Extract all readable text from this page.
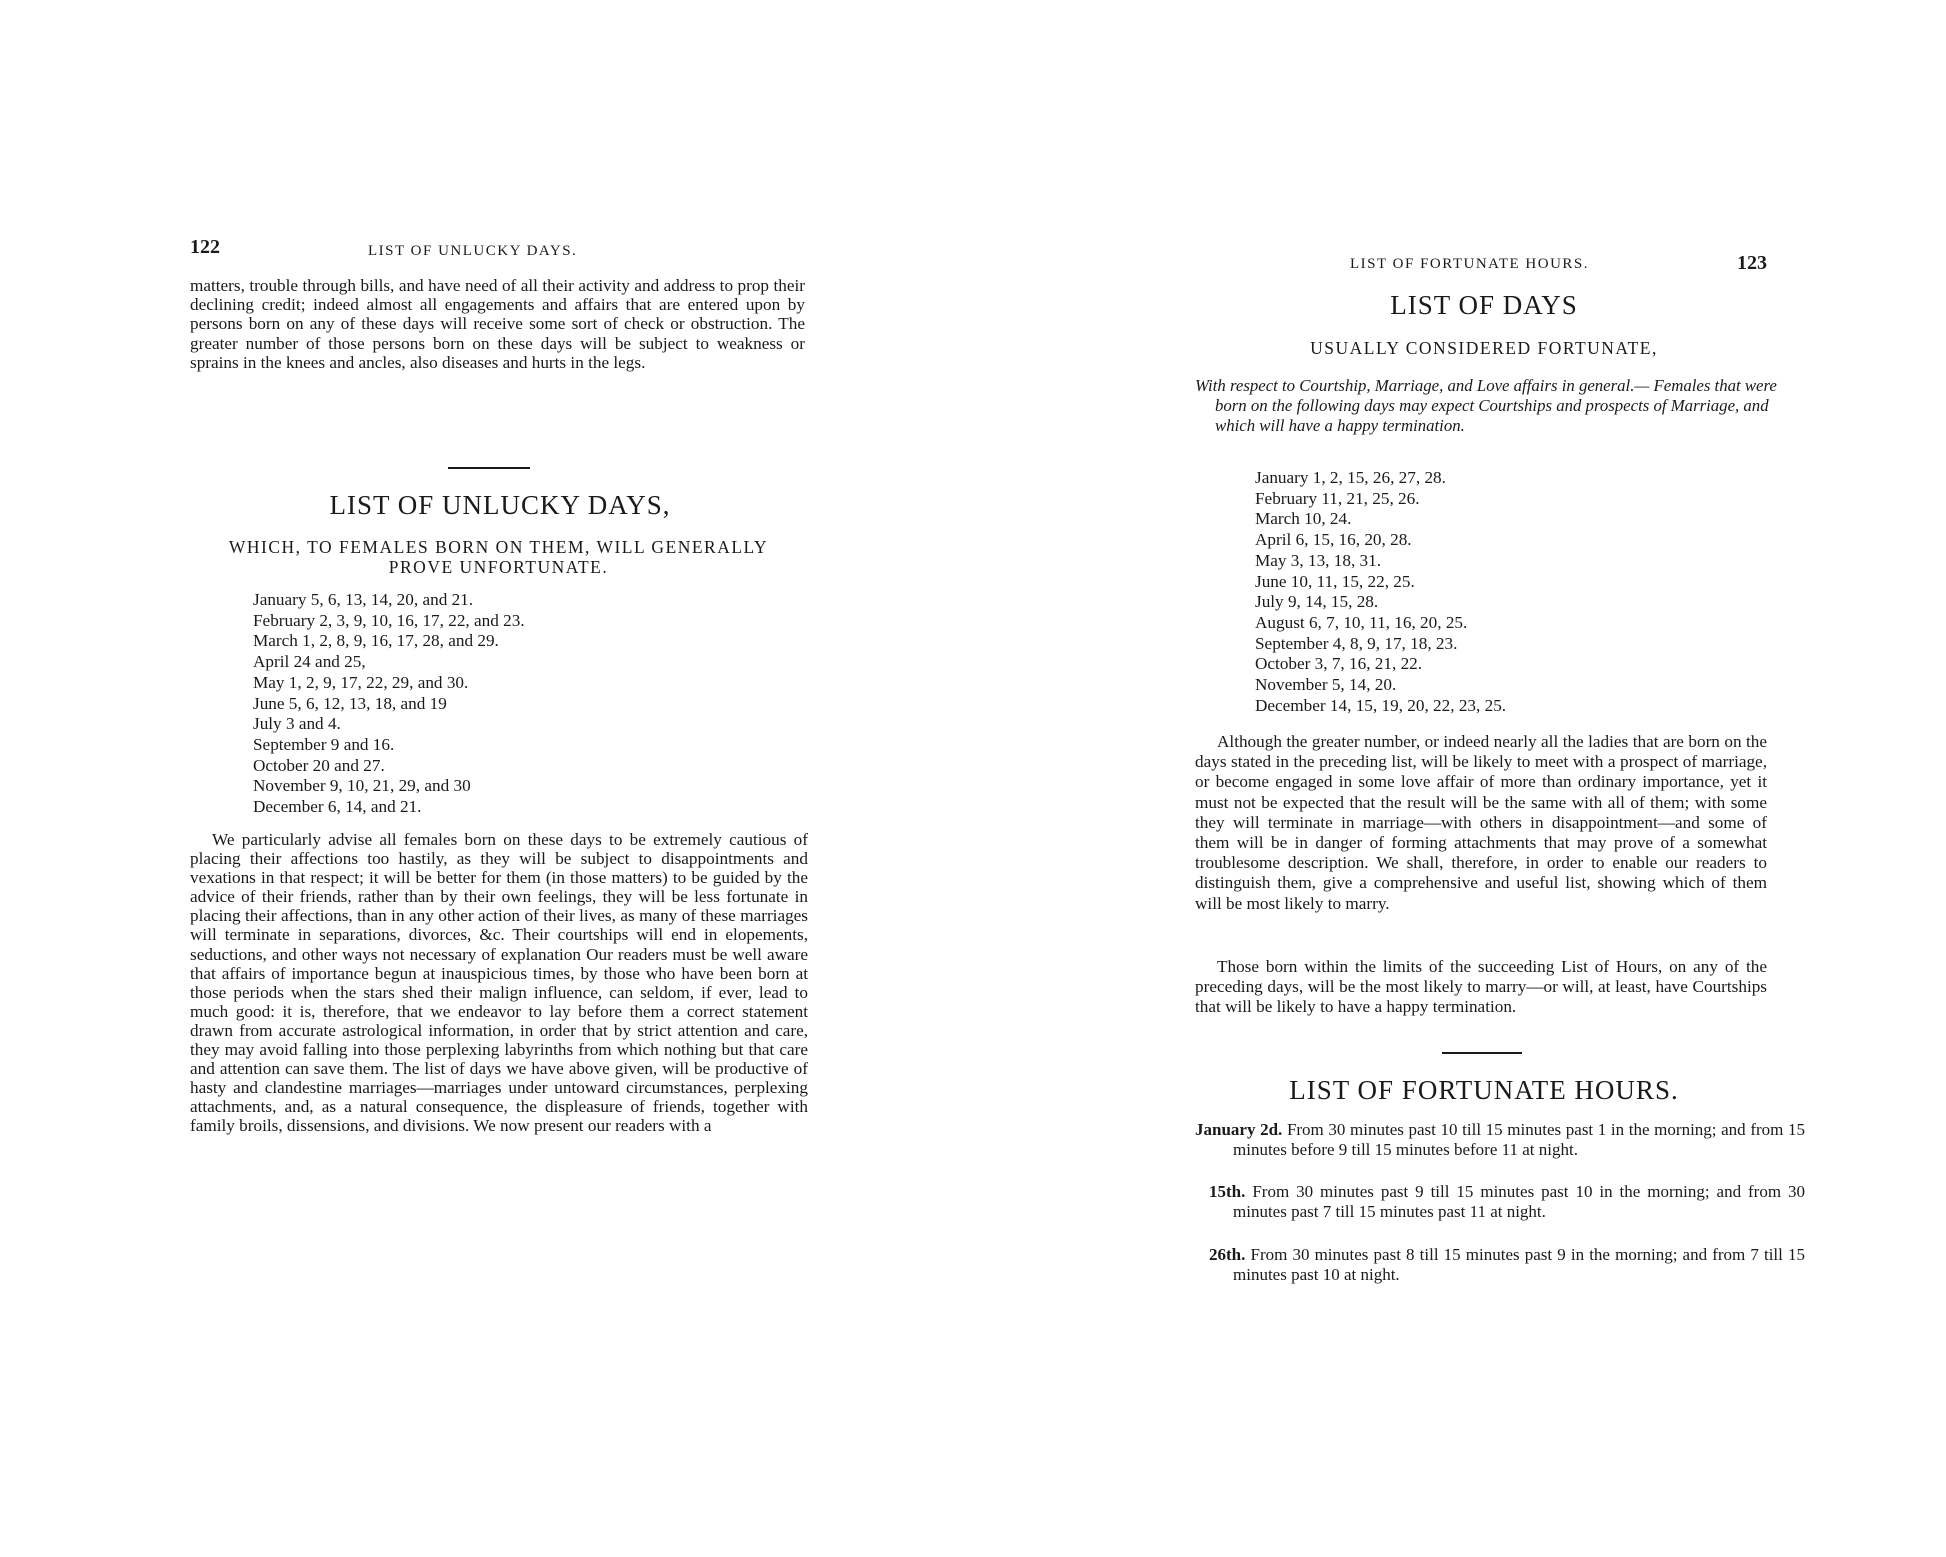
122	LIST OF UNLUCKY DAYS.

matters, trouble through bills, and have need of all their activity and address to prop their declining credit; indeed almost all engagements and affairs that are entered upon by persons born on any of these days will receive some sort of check or obstruction. The greater number of those persons born on these days will be subject to weakness or sprains in the knees and ancles, also diseases and hurts in the legs.

LIST OF UNLUCKY DAYS,
WHICH, TO FEMALES BORN ON THEM, WILL GENERALLY PROVE UNFORTUNATE.
January 5, 6, 13, 14, 20, and 21.
February 2, 3, 9, 10, 16, 17, 22, and 23.
March 1, 2, 8, 9, 16, 17, 28, and 29.
April 24 and 25,
May 1, 2, 9, 17, 22, 29, and 30.
June 5, 6, 12, 13, 18, and 19
July 3 and 4.
September 9 and 16.
October 20 and 27.
November 9, 10, 21, 29, and 30
December 6, 14, and 21.

We particularly advise all females born on these days to be extremely cautious of placing their affections too hastily, as they will be subject to disappointments and vexations in that respect; it will be better for them (in those matters) to be guided by the advice of their friends, rather than by their own feelings, they will be less fortunate in placing their affections, than in any other action of their lives, as many of these marriages will terminate in separations, divorces, &c. Their courtships will end in elopements, seductions, and other ways not necessary of explanation Our readers must be well aware that affairs of importance begun at inauspicious times, by those who have been born at those periods when the stars shed their malign influence, can seldom, if ever, lead to much good: it is, therefore, that we endeavor to lay before them a correct statement drawn from accurate astrological information, in order that by strict attention and care, they may avoid falling into those perplexing labyrinths from which nothing but that care and attention can save them. The list of days we have above given, will be productive of hasty and clandestine marriages—marriages under untoward circumstances, perplexing attachments, and, as a natural consequence, the displeasure of friends, together with family broils, dissensions, and divisions. We now present our readers with a

LIST OF FORTUNATE HOURS.	123
LIST OF DAYS
USUALLY CONSIDERED FORTUNATE,

With respect to Courtship, Marriage, and Love affairs in general.— Females that were born on the following days may expect Courtships and prospects of Marriage, and which will have a happy termination.

January 1, 2, 15, 26, 27, 28.
February 11, 21, 25, 26.
March 10, 24.
April 6, 15, 16, 20, 28.
May 3, 13, 18, 31.
June 10, 11, 15, 22, 25.
July 9, 14, 15, 28.
August 6, 7, 10, 11, 16, 20, 25.
September 4, 8, 9, 17, 18, 23.
October 3, 7, 16, 21, 22.
November 5, 14, 20.
December 14, 15, 19, 20, 22, 23, 25.

Although the greater number, or indeed nearly all the ladies that are born on the days stated in the preceding list, will be likely to meet with a prospect of marriage, or become engaged in some love affair of more than ordinary importance, yet it must not be expected that the result will be the same with all of them; with some they will terminate in marriage—with others in disappointment—and some of them will be in danger of forming attachments that may prove of a somewhat troublesome description. We shall, therefore, in order to enable our readers to distinguish them, give a comprehensive and useful list, showing which of them will be most likely to marry.

Those born within the limits of the succeeding List of Hours, on any of the preceding days, will be the most likely to marry—or will, at least, have Courtships that will be likely to have a happy termination.

LIST OF FORTUNATE HOURS.

January 2d. From 30 minutes past 10 till 15 minutes past 1 in the morning; and from 15 minutes before 9 till 15 minutes before 11 at night.

15th. From 30 minutes past 9 till 15 minutes past 10 in the morning; and from 30 minutes past 7 till 15 minutes past 11 at night.

26th. From 30 minutes past 8 till 15 minutes past 9 in the morning; and from 7 till 15 minutes past 10 at night.
